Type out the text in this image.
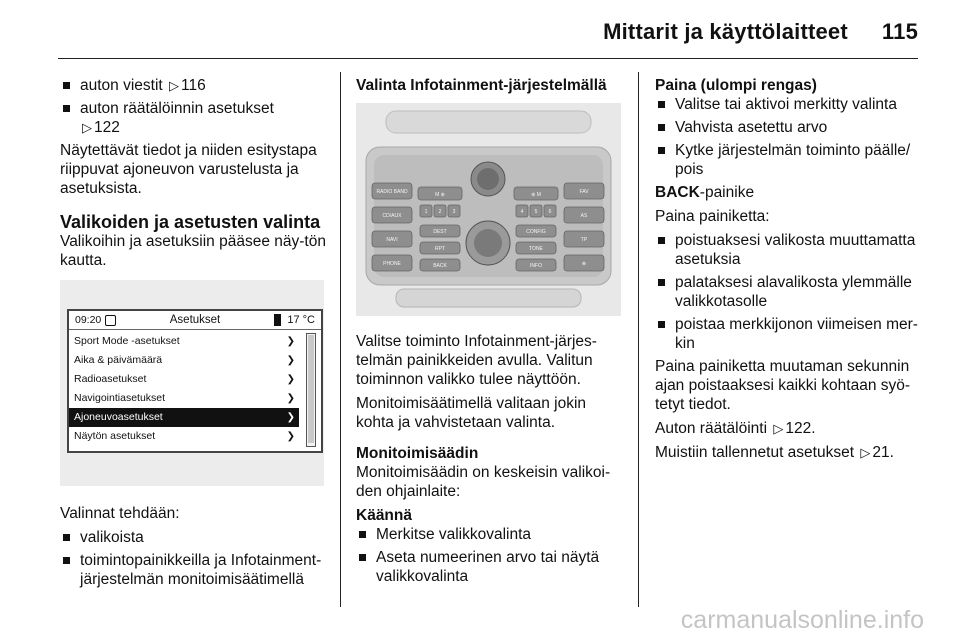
Mittarit ja käyttölaitteet 115
auton viestit ▷ 116
auton räätälöinnin asetukset
▷ 122

Näytettävät tiedot ja niiden esitystapa riippuvat ajoneuvon varustelusta ja asetuksista.

Valikoiden ja asetusten valinta

Valikoihin ja asetuksiin pääsee näy-tön kautta.

09:20	Asetukset	17 °C
Sport Mode -asetukset	❯
Aika & päivämäärä	❯
Radioasetukset	❯
Navigointiasetukset	❯
Ajoneuvoasetukset	❯
Näytön asetukset	❯

Valinnat tehdään:

valikoista
toimintopainikkeilla ja Infotainment-järjestelmän monitoimisäätimellä
Valinta Infotainment-järjestelmällä
RADIO BAND
CD/AUX
NAVI
PHONE
FAV
AS
TP
⊗
M ⊕	⊕ M
1 2 3	4 5 6
DEST	CONFIG
RPT	TONE
BACK	INFO

Valitse toiminto Infotainment-järjes-telmän painikkeiden avulla. Valitun toiminnon valikko tulee näyttöön.

Monitoimisäätimellä valitaan jokin kohta ja vahvistetaan valinta.

Monitoimisäädin

Monitoimisäädin on keskeisin valikoi-den ohjainlaite:

Käännä
Merkitse valikkovalinta
Aseta numeerinen arvo tai näytä valikkovalinta
Paina (ulompi rengas)
Valitse tai aktivoi merkitty valinta
Vahvista asetettu arvo
Kytke järjestelmän toiminto päälle/ pois

BACK-painike

Paina painiketta:

poistuaksesi valikosta muuttamatta asetuksia
palataksesi alavalikosta ylemmälle valikkotasolle
poistaa merkkijonon viimeisen mer-kin

Paina painiketta muutaman sekunnin ajan poistaaksesi kaikki kohtaan syö-tetyt tiedot.

Auton räätälöinti ▷ 122.

Muistiin tallennetut asetukset ▷ 21.

carmanualsonline.info
